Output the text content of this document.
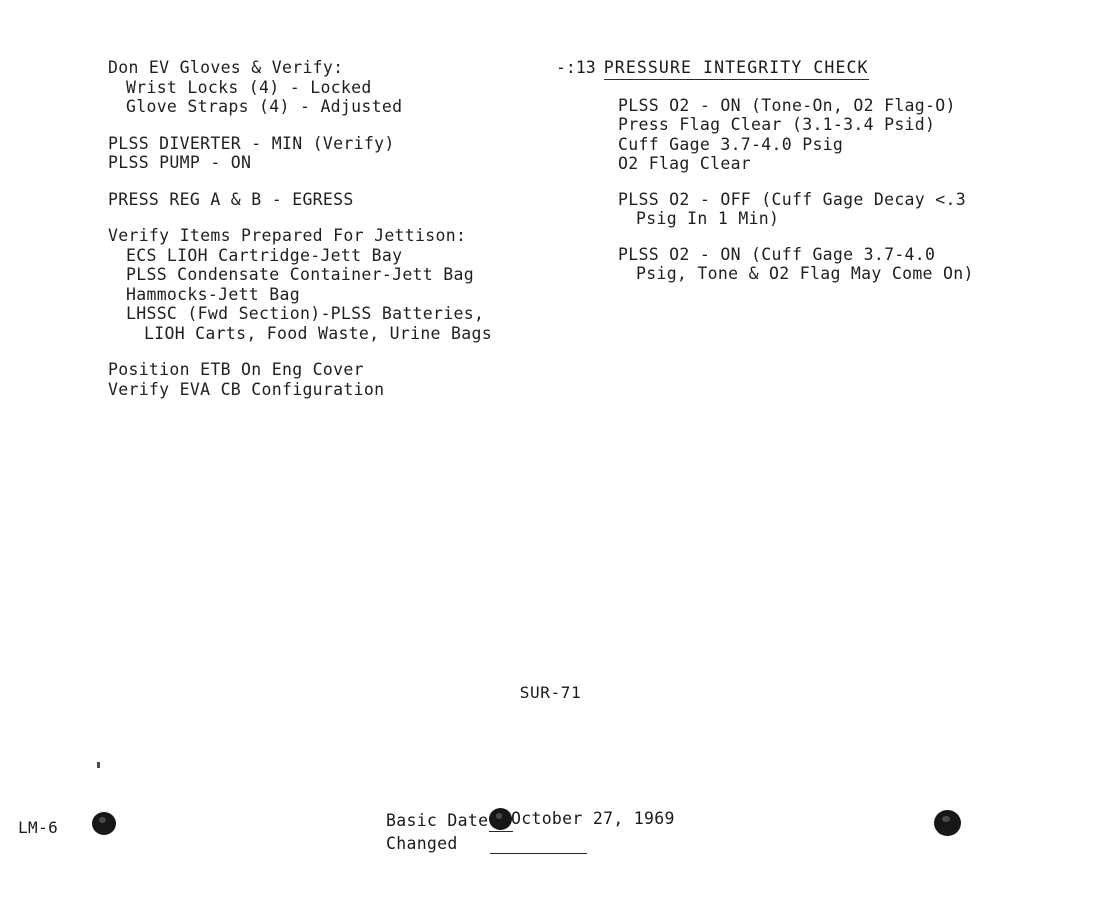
Don EV Gloves & Verify:
Wrist Locks (4) - Locked
Glove Straps (4) - Adjusted
PLSS DIVERTER - MIN (Verify)
PLSS PUMP - ON
PRESS REG A & B - EGRESS
Verify Items Prepared For Jettison:
ECS LIOH Cartridge-Jett Bay
PLSS Condensate Container-Jett Bag
Hammocks-Jett Bag
LHSSC (Fwd Section)-PLSS Batteries,
LIOH Carts, Food Waste, Urine Bags
Position ETB On Eng Cover
Verify EVA CB Configuration
-:13 PRESSURE INTEGRITY CHECK
PLSS O2 - ON (Tone-On, O2 Flag-O)
Press Flag Clear (3.1-3.4 Psid)
Cuff Gage 3.7-4.0 Psig
O2 Flag Clear
PLSS O2 - OFF (Cuff Gage Decay <.3
Psig In 1 Min)
PLSS O2 - ON (Cuff Gage 3.7-4.0
Psig, Tone & O2 Flag May Come On)
SUR-71
LM-6	Basic Date October 27, 1969
Changed
